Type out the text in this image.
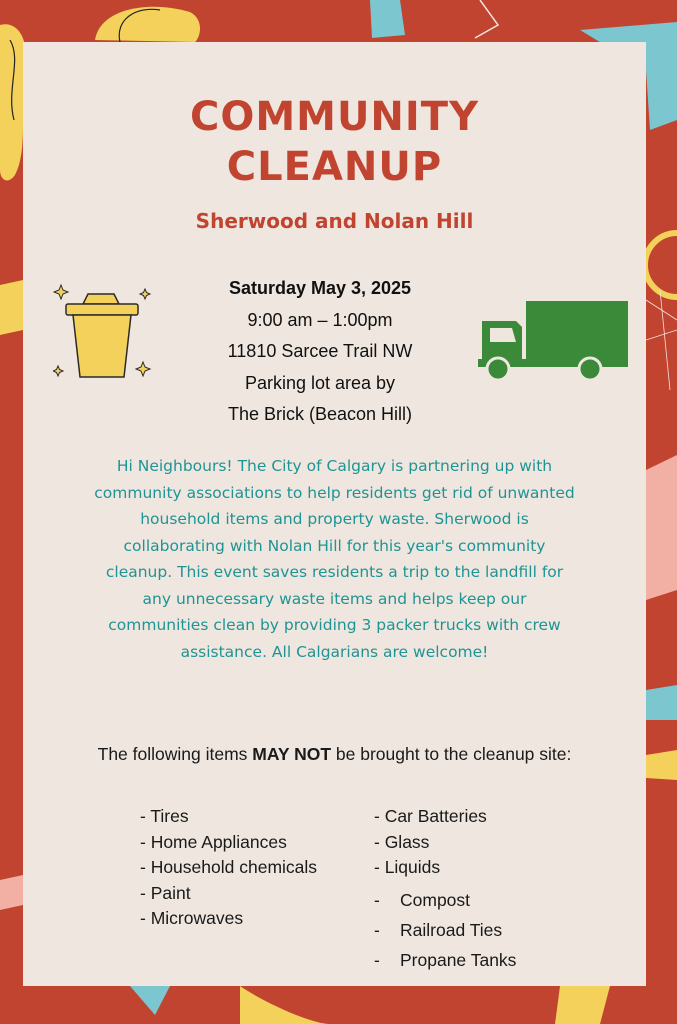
COMMUNITY
CLEANUP
Sherwood and Nolan Hill
Saturday May 3, 2025
9:00 am – 1:00pm
11810 Sarcee Trail NW
Parking lot area by
The Brick (Beacon Hill)
Hi Neighbours! The City of Calgary is partnering up with community associations to help residents get rid of unwanted household items and property waste. Sherwood is collaborating with Nolan Hill for this year's community cleanup. This event saves residents a trip to the landfill for any unnecessary waste items and helps keep our communities clean by providing 3 packer trucks with crew assistance. All Calgarians are welcome!
The following items MAY NOT be brought to the cleanup site:
- Tires
- Home Appliances
- Household chemicals
- Paint
- Microwaves
- Car Batteries
- Glass
- Liquids
- Compost
- Railroad Ties
- Propane Tanks
